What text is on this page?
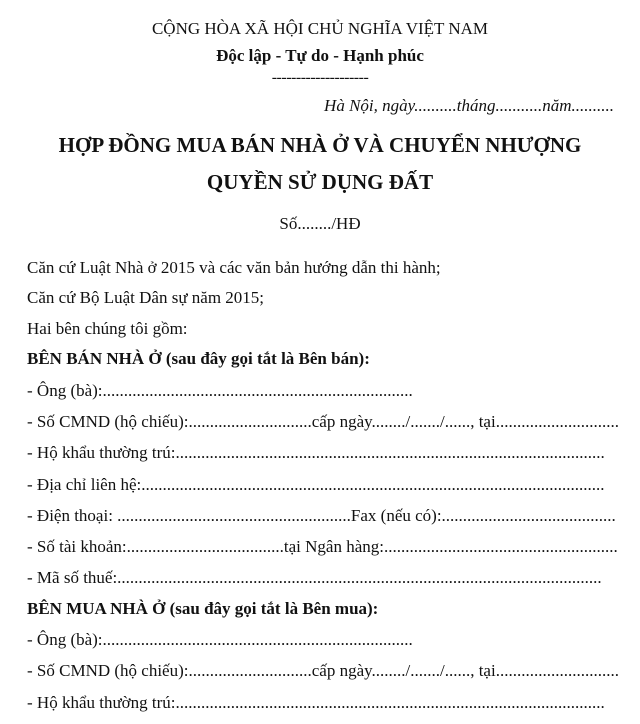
CỘNG HÒA XÃ HỘI CHỦ NGHĨA VIỆT NAM
Độc lập - Tự do - Hạnh phúc
--------------------
Hà Nội, ngày..........tháng...........năm..........
HỢP ĐỒNG MUA BÁN NHÀ Ở VÀ CHUYỂN NHƯỢNG
QUYỀN SỬ DỤNG ĐẤT
Số......../HĐ
Căn cứ Luật Nhà ở 2015 và các văn bản hướng dẫn thi hành;
Căn cứ Bộ Luật Dân sự năm 2015;
Hai bên chúng tôi gồm:
BÊN BÁN NHÀ Ở (sau đây gọi tắt là Bên bán):
- Ông (bà):.........................................................................
- Số CMND (hộ chiếu):.............................cấp ngày......../......./......, tại.............................
- Hộ khẩu thường trú:.....................................................................................................
- Địa chỉ liên hệ:.............................................................................................................
- Điện thoại: .......................................................Fax (nếu có):.........................................
- Số tài khoản:.....................................tại Ngân hàng:.......................................................
- Mã số thuế:..................................................................................................................
BÊN MUA NHÀ Ở (sau đây gọi tắt là Bên mua):
- Ông (bà):.........................................................................
- Số CMND (hộ chiếu):.............................cấp ngày......../......./......, tại.............................
- Hộ khẩu thường trú:.....................................................................................................
